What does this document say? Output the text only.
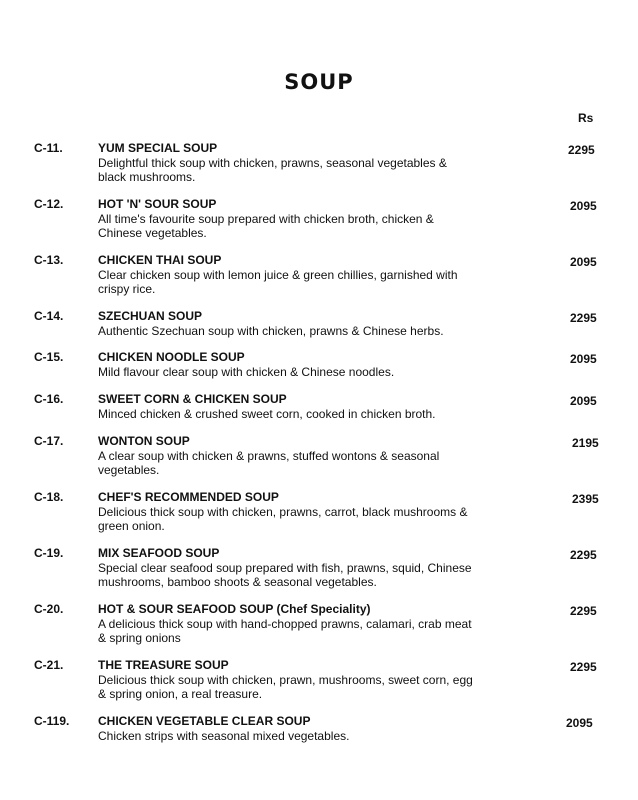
SOUP
Rs
C-11.	YUM SPECIAL SOUP
Delightful thick soup with chicken, prawns, seasonal vegetables & black mushrooms.
2295
C-12.	HOT 'N' SOUR SOUP
All time's favourite soup prepared with chicken broth, chicken & Chinese vegetables.
2095
C-13.	CHICKEN THAI SOUP
Clear chicken soup with lemon juice & green chillies, garnished with crispy rice.
2095
C-14.	SZECHUAN SOUP
Authentic Szechuan soup with chicken, prawns & Chinese herbs.
2295
C-15.	CHICKEN NOODLE SOUP
Mild flavour clear soup with chicken & Chinese noodles.
2095
C-16.	SWEET CORN & CHICKEN SOUP
Minced chicken & crushed sweet corn, cooked in chicken broth.
2095
C-17.	WONTON SOUP
A clear soup with chicken & prawns, stuffed wontons & seasonal vegetables.
2195
C-18.	CHEF'S RECOMMENDED SOUP
Delicious thick soup with chicken, prawns, carrot, black mushrooms & green onion.
2395
C-19.	MIX SEAFOOD SOUP
Special clear seafood soup prepared with fish, prawns, squid, Chinese mushrooms, bamboo shoots & seasonal vegetables.
2295
C-20.	HOT & SOUR SEAFOOD SOUP (Chef Speciality)
A delicious thick soup with hand-chopped prawns, calamari, crab meat & spring onions
2295
C-21.	THE TREASURE SOUP
Delicious thick soup with chicken, prawn, mushrooms, sweet corn, egg & spring onion, a real treasure.
2295
C-119. CHICKEN VEGETABLE CLEAR SOUP
Chicken strips with seasonal mixed vegetables.
2095
